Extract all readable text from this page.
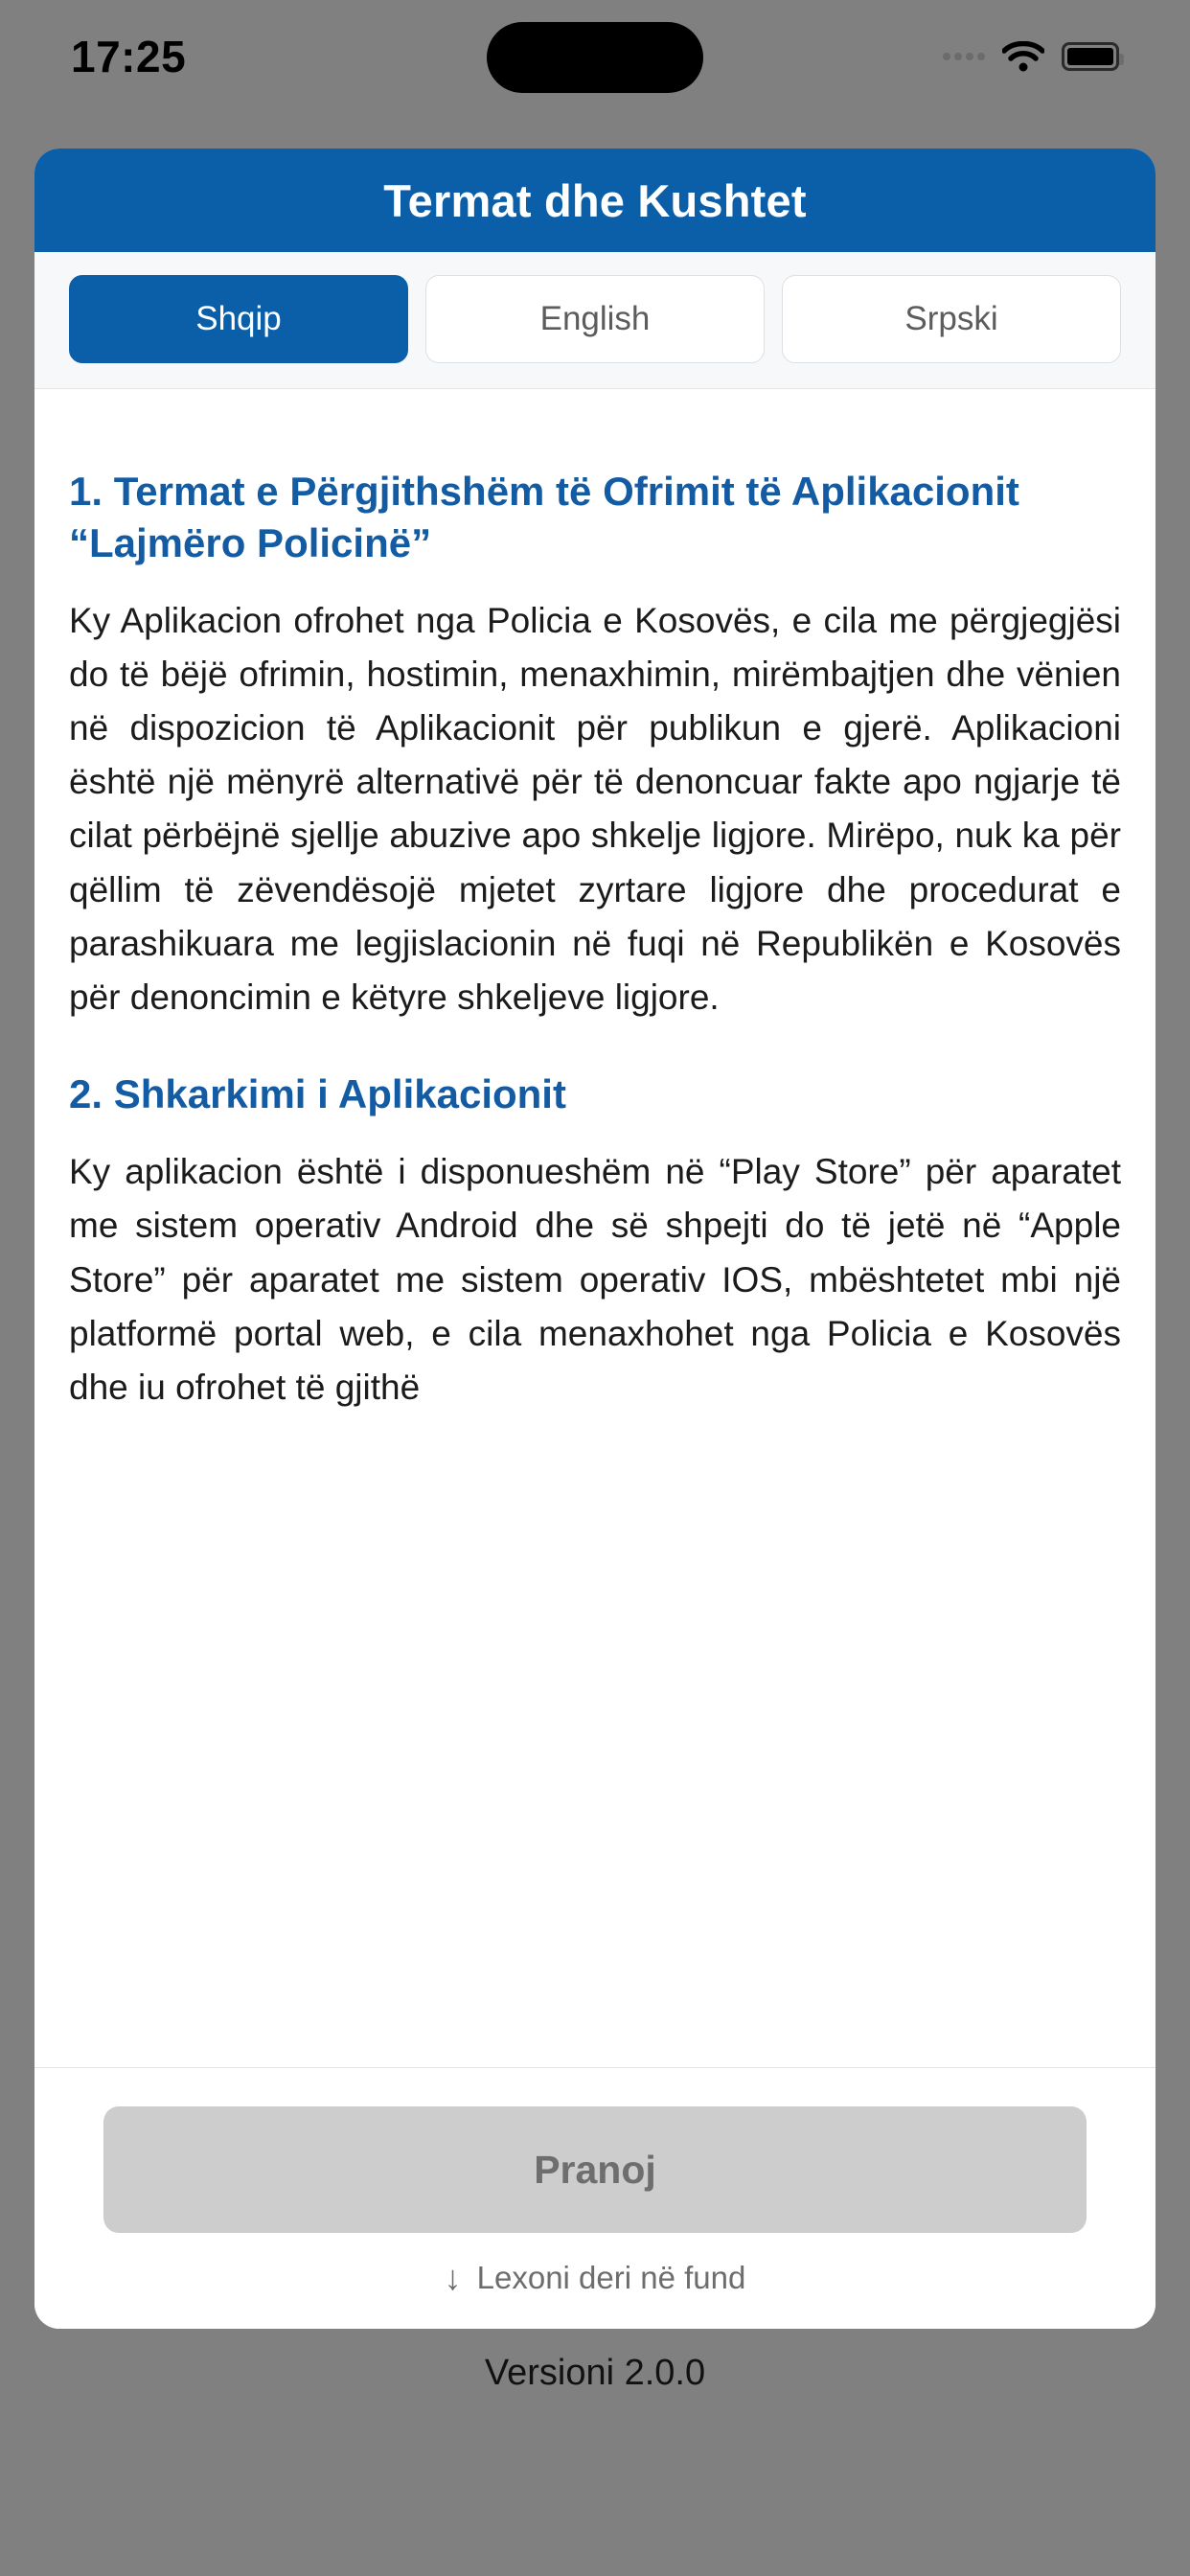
17:25
Termat dhe Kushtet
Shqip	English	Srpski
1. Termat e Përgjithshëm të Ofrimit të Aplikacionit “Lajmëro Policinë”

Ky Aplikacion ofrohet nga Policia e Kosovës, e cila me përgjegjësi do të bëjë ofrimin, hostimin, menaxhimin, mirëmbajtjen dhe vënien në dispozicion të Aplikacionit për publikun e gjerë. Aplikacioni është një mënyrë alternativë për të denoncuar fakte apo ngjarje të cilat përbëjnë sjellje abuzive apo shkelje ligjore. Mirëpo, nuk ka për qëllim të zëvendësojë mjetet zyrtare ligjore dhe procedurat e parashikuara me legjislacionin në fuqi në Republikën e Kosovës për denoncimin e këtyre shkeljeve ligjore.

2. Shkarkimi i Aplikacionit

Ky aplikacion është i disponueshëm në “Play Store” për aparatet me sistem operativ Android dhe së shpejti do të jetë në “Apple Store” për aparatet me sistem operativ IOS, mbështetet mbi një platformë portal web, e cila menaxhohet nga Policia e Kosovës dhe iu ofrohet të gjithë

Pranoj
↓ Lexoni deri në fund
Versioni 2.0.0
